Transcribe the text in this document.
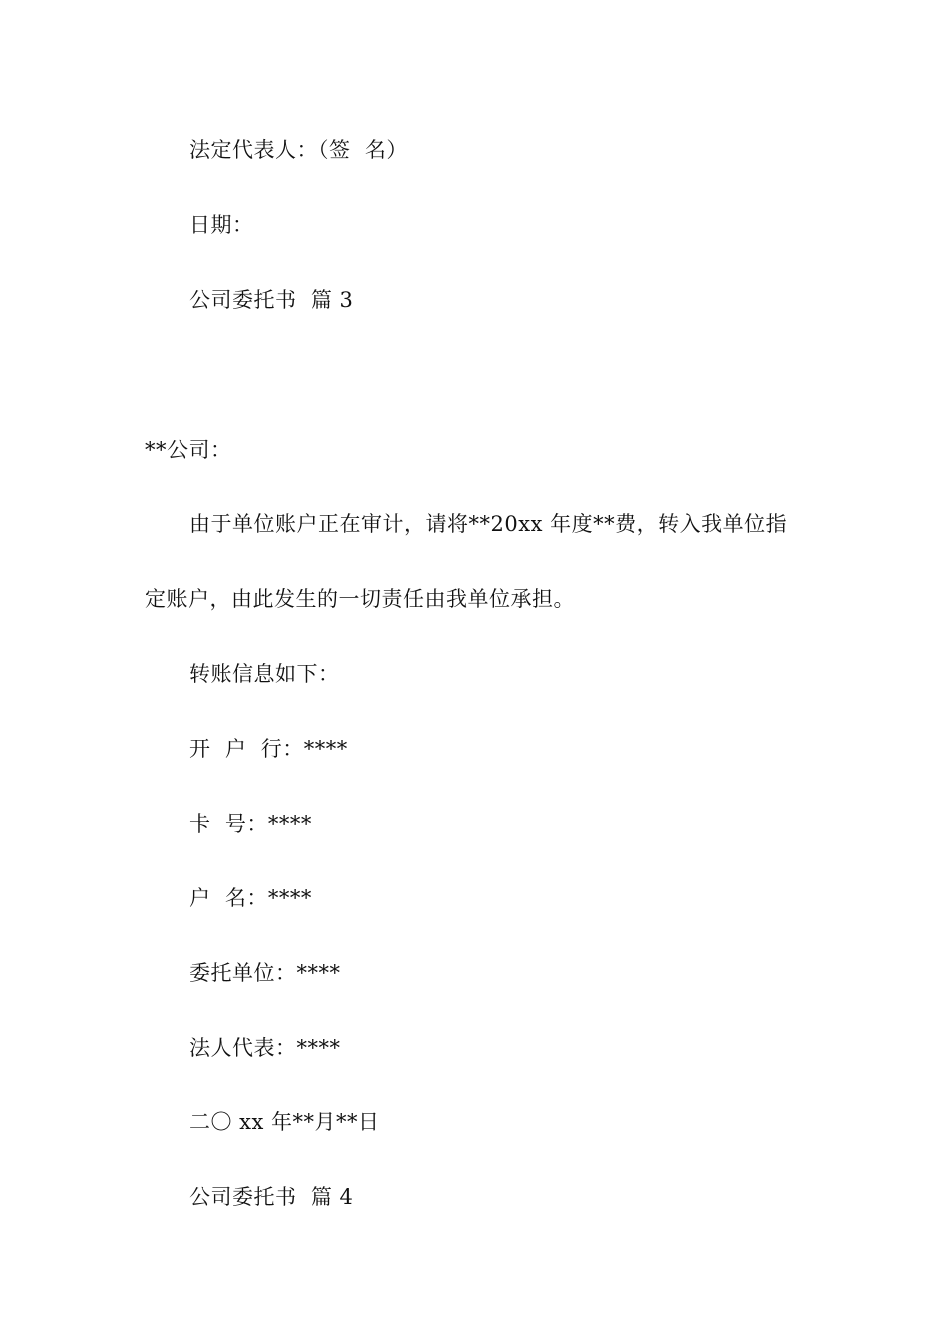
法定代表人：（签  名）
日期：
公司委托书  篇 3
**公司：
由于单位账户正在审计，请将**20xx 年度**费，转入我单位指
定账户，由此发生的一切责任由我单位承担。
转账信息如下：
开  户  行：****
卡  号：****
户  名：****
委托单位：****
法人代表：****
二〇 xx 年**月**日
公司委托书  篇 4
